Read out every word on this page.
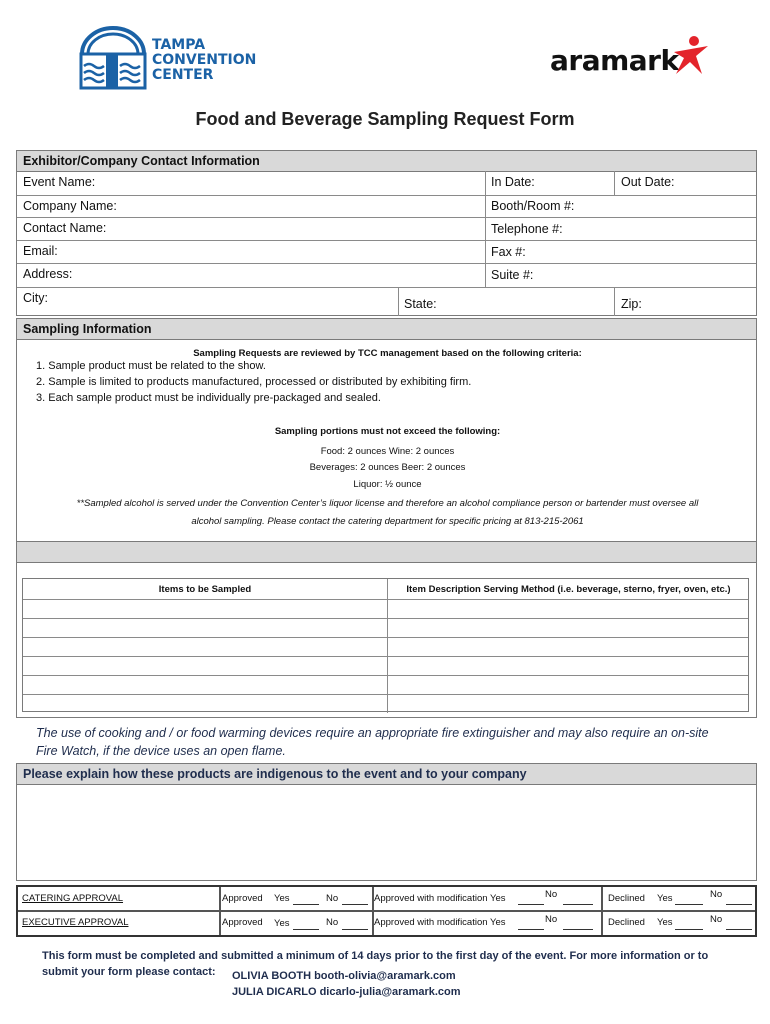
TAMPA
CONVENTION
CENTER	aramark
Food and Beverage Sampling Request Form
Exhibitor/Company Contact Information
Event Name:	In Date:	Out Date:
Company Name:	Booth/Room #:
Contact Name:	Telephone #:
Email:	Fax #:
Address:	Suite #:
City:	State:	Zip:
Sampling Information
Sampling Requests are reviewed by TCC management based on the following criteria:
1. Sample product must be related to the show.
2. Sample is limited to products manufactured, processed or distributed by exhibiting firm.
3. Each sample product must be individually pre-packaged and sealed.
Sampling portions must not exceed the following:
Food: 2 ounces Wine: 2 ounces
Beverages: 2 ounces Beer: 2 ounces
Liquor: ½ ounce
**Sampled alcohol is served under the Convention Center’s liquor license and therefore an alcohol compliance person or bartender must oversee all
alcohol sampling. Please contact the catering department for specific pricing at 813-215-2061
Items to be Sampled	Item Description Serving Method (i.e. beverage, sterno, fryer, oven, etc.)
The use of cooking and / or food warming devices require an appropriate fire extinguisher and may also require an on-site
Fire Watch, if the device uses an open flame.
Please explain how these products are indigenous to the event and to your company
CATERING APPROVAL	Approved Yes	No	Approved with modification Yes	No	Declined Yes	No
EXECUTIVE APPROVAL	Approved Yes	No	Approved with modification Yes	No	Declined Yes	No
This form must be completed and submitted a minimum of 14 days prior to the first day of the event. For more information or to
submit your form please contact: OLIVIA BOOTH booth-olivia@aramark.com
JULIA DICARLO dicarlo-julia@aramark.com
